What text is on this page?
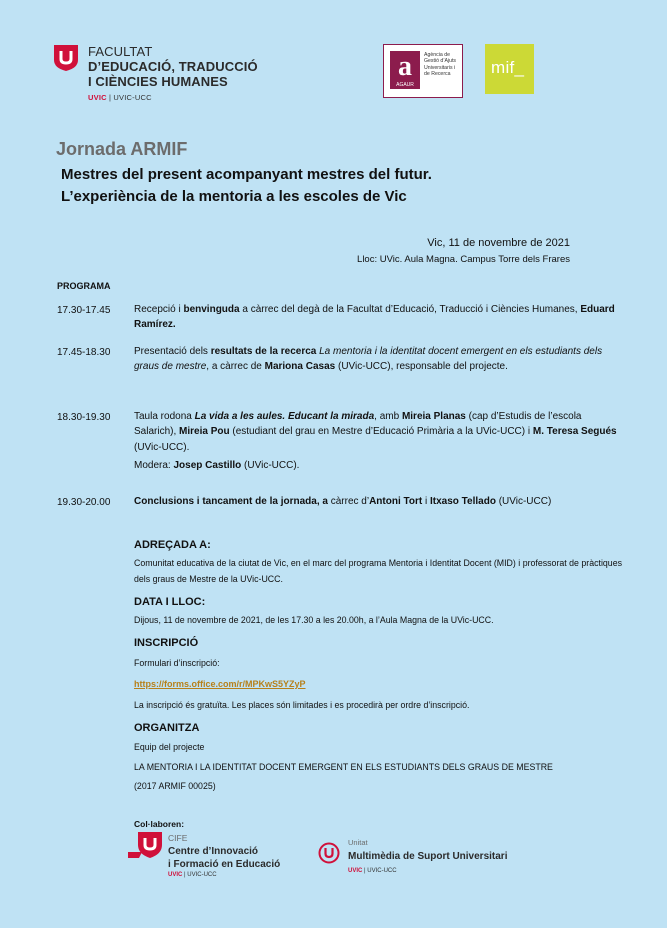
FACULTAT
D’EDUCACIÓ, TRADUCCIÓ
I CIÈNCIES HUMANES
UVIC | UVIC-UCC
a
AGAUR
Agència de Gestió d’Ajuts Universitaris i de Recerca	mif_
Jornada ARMIF
Mestres del present acompanyant mestres del futur.
L’experiència de la mentoria a les escoles de Vic
Vic, 11 de novembre de 2021
Lloc: UVic. Aula Magna. Campus Torre dels Frares
PROGRAMA
17.30-17.45 Recepció i benvinguda a càrrec del degà de la Facultat d’Educació, Traducció i Ciències Humanes, Eduard Ramírez.
17.45-18.30 Presentació dels resultats de la recerca La mentoria i la identitat docent emergent en els estudiants dels graus de mestre, a càrrec de Mariona Casas (UVic-UCC), responsable del projecte.
18.30-19.30 Taula rodona La vida a les aules. Educant la mirada, amb Mireia Planas (cap d’Estudis de l’escola Salarich), Mireia Pou (estudiant del grau en Mestre d’Educació Primària a la UVic-UCC) i M. Teresa Segués (UVic-UCC).
Modera: Josep Castillo (UVic-UCC).
19.30-20.00 Conclusions i tancament de la jornada, a càrrec d’Antoni Tort i Itxaso Tellado (UVic-UCC)
ADREÇADA A:
Comunitat educativa de la ciutat de Vic, en el marc del programa Mentoria i Identitat Docent (MID) i professorat de pràctiques dels graus de Mestre de la UVic-UCC.
DATA I LLOC:
Dijous, 11 de novembre de 2021, de les 17.30 a les 20.00h, a l’Aula Magna de la UVic-UCC.
INSCRIPCIÓ
Formulari d’inscripció:
https://forms.office.com/r/MPKwS5YZyP
La inscripció és gratuïta. Les places són limitades i es procedirà per ordre d’inscripció.
ORGANITZA
Equip del projecte
LA MENTORIA I LA IDENTITAT DOCENT EMERGENT EN ELS ESTUDIANTS DELS GRAUS DE MESTRE
(2017 ARMIF 00025)
Col·laboren:
CIFE
Centre d’Innovació
i Formació en Educació
UVIC | UVIC-UCC
Unitat
Multimèdia de Suport Universitari
UVIC | UVIC-UCC
